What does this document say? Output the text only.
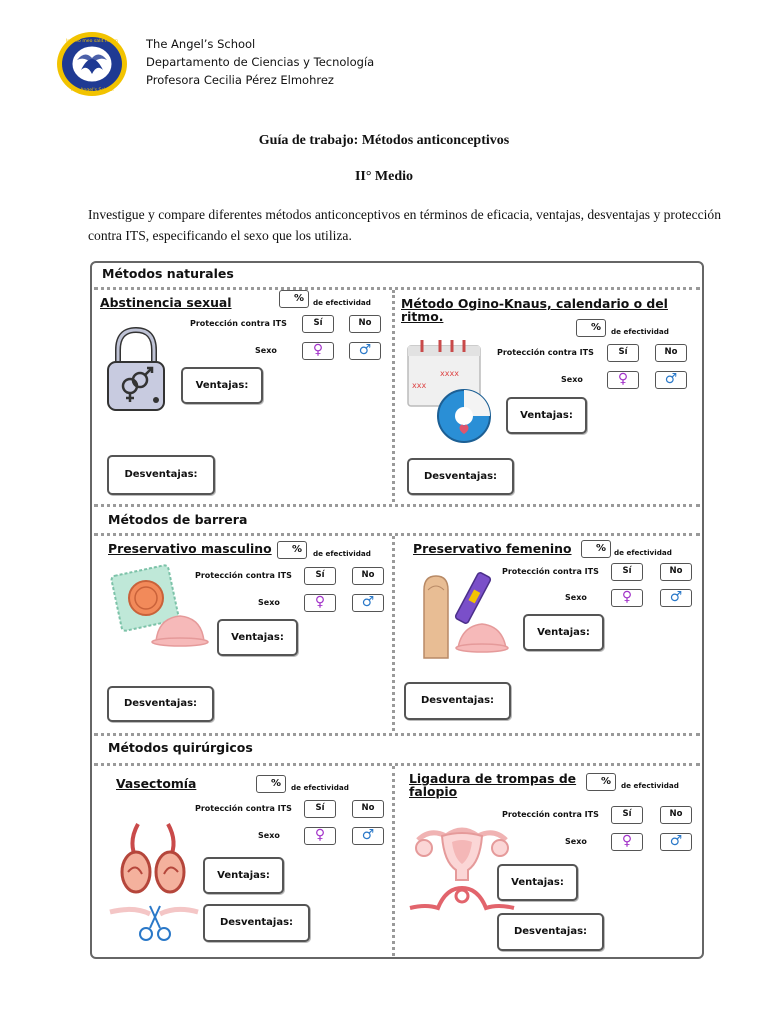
In Deo meo salit fidem
The Angel's School
The Angel’s School
Departamento de Ciencias y Tecnología
Profesora Cecilia Pérez Elmohrez
Guía de trabajo: Métodos anticonceptivos
II° Medio
Investigue y compare diferentes métodos anticonceptivos en términos de eficacia, ventajas, desventajas y protección contra ITS, especificando el sexo que los utiliza.
Métodos naturales
Métodos de barrera
Métodos quirúrgicos
Abstinencia sexual	%	de efectividad
Protección contra ITS	Sí	No
Sexo	♀	♂
Ventajas:
Desventajas:
Método Ogino-Knaus, calendario o del ritmo.
%	de efectividad
Protección contra ITS	Sí	No
Sexo	♀	♂
xxxx
xxx
Ventajas:
Desventajas:
Preservativo masculino	%	de efectividad
Protección contra ITS	Sí	No
Sexo	♀	♂
Ventajas:
Desventajas:
Preservativo femenino	%	de efectividad
Protección contra ITS	Sí	No
Sexo	♀	♂
Ventajas:
Desventajas:
Vasectomía	%	de efectividad
Protección contra ITS	Sí	No
Sexo	♀	♂
Ventajas:
Desventajas:
Ligadura de trompas de falopio
%	de efectividad
Protección contra ITS	Sí	No
Sexo	♀	♂
Ventajas:
Desventajas:
